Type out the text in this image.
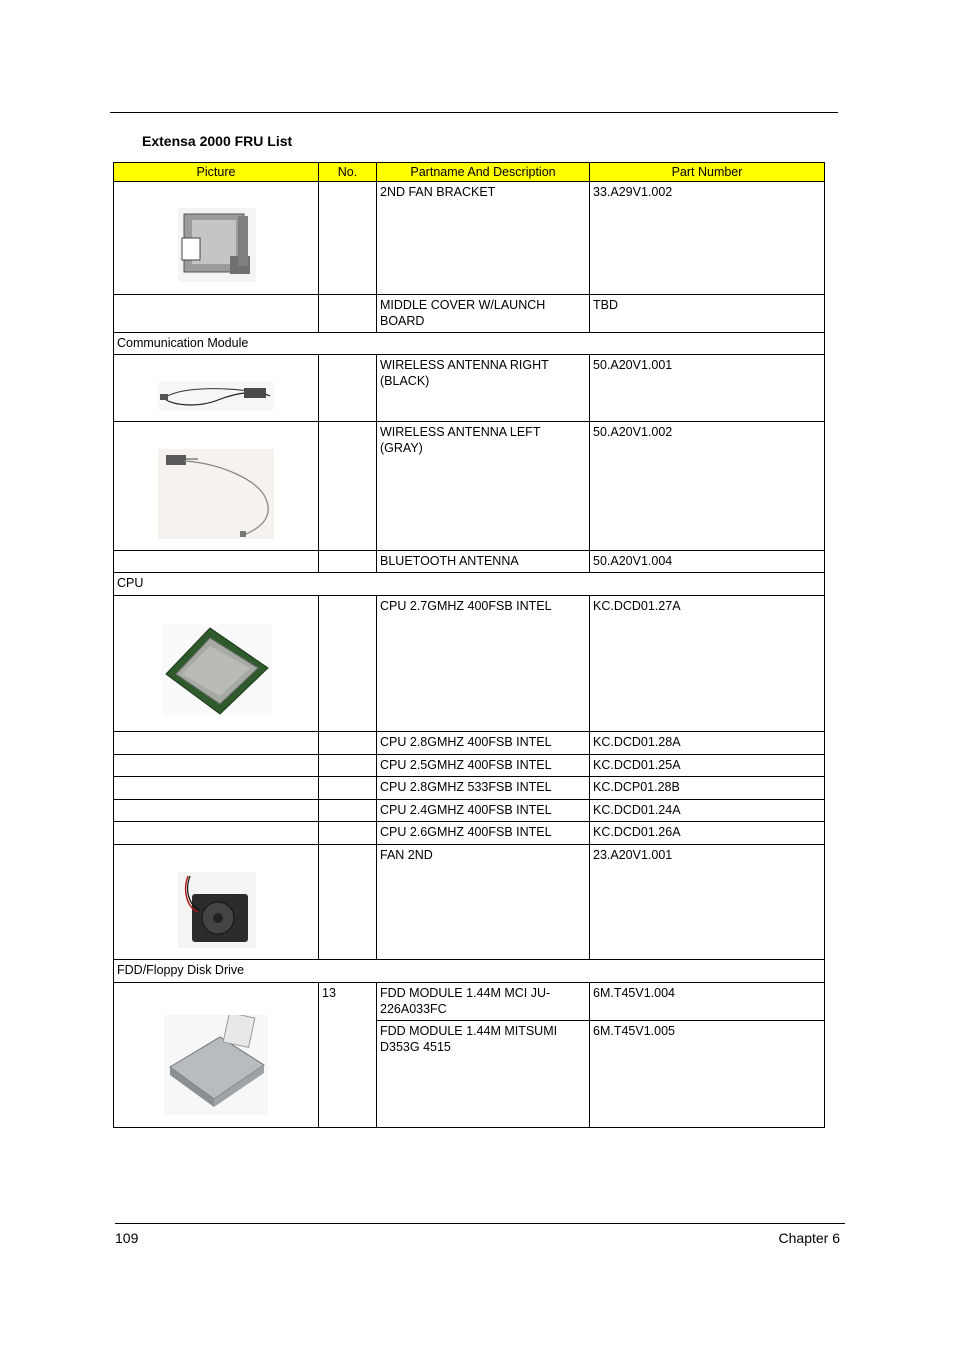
Extensa 2000 FRU List
Picture	No.	Partname And Description	Part Number

		2ND FAN BRACKET	33.A29V1.002
		MIDDLE COVER W/LAUNCH BOARD	TBD
Communication Module			

		WIRELESS ANTENNA RIGHT (BLACK)	50.A20V1.001

		WIRELESS ANTENNA LEFT (GRAY)	50.A20V1.002
		BLUETOOTH ANTENNA	50.A20V1.004
CPU			

		CPU 2.7GMHZ 400FSB INTEL	KC.DCD01.27A
		CPU 2.8GMHZ 400FSB INTEL	KC.DCD01.28A
		CPU 2.5GMHZ 400FSB INTEL	KC.DCD01.25A
		CPU 2.8GMHZ 533FSB INTEL	KC.DCP01.28B
		CPU 2.4GMHZ 400FSB INTEL	KC.DCD01.24A
		CPU 2.6GMHZ 400FSB INTEL	KC.DCD01.26A

		FAN 2ND	23.A20V1.001
FDD/Floppy Disk Drive			

	13	FDD MODULE 1.44M MCI JU-226A033FC	6M.T45V1.004
		FDD MODULE 1.44M MITSUMI D353G 4515	6M.T45V1.005
109	Chapter 6
